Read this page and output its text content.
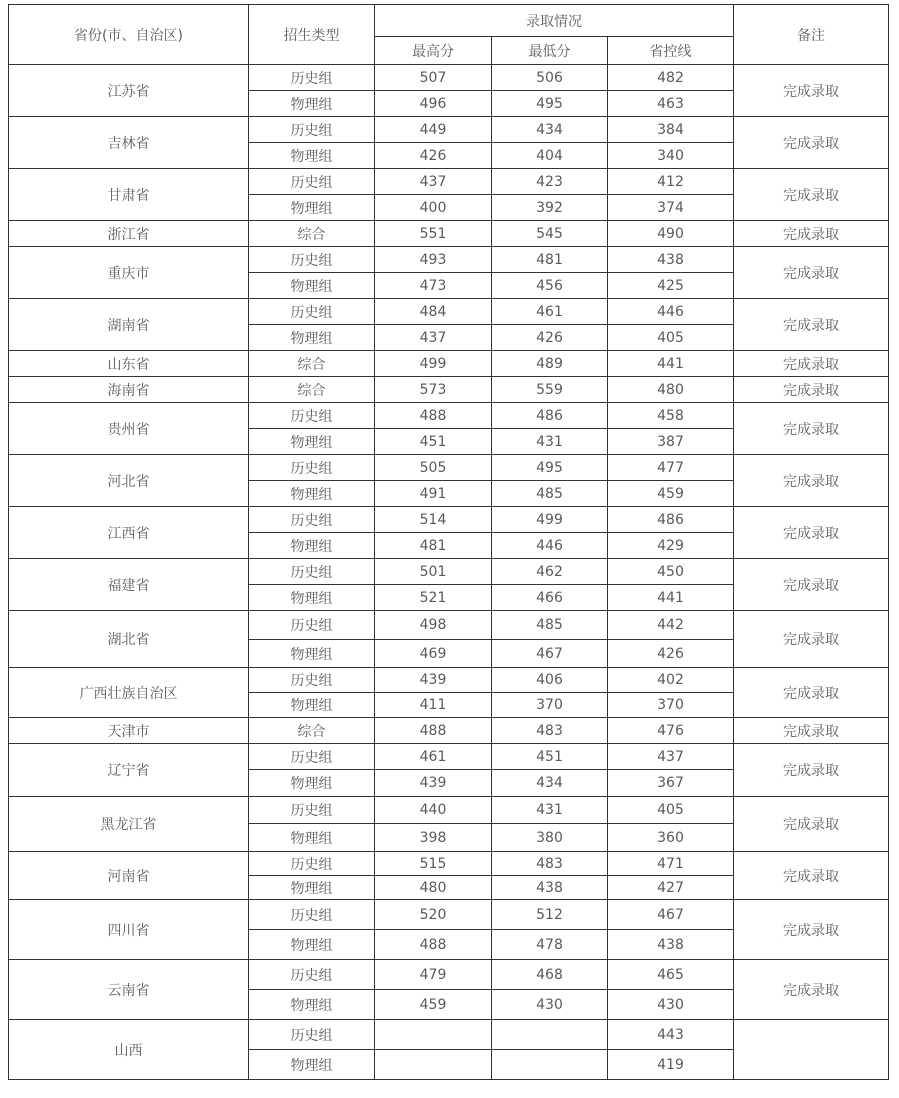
省份(市、自治区)	招生类型	录取情况			备注
		最高分	最低分	省控线	
江苏省	历史组	507	506	482	完成录取
	物理组	496	495	463	
吉林省	历史组	449	434	384	完成录取
	物理组	426	404	340	
甘肃省	历史组	437	423	412	完成录取
	物理组	400	392	374	
浙江省	综合	551	545	490	完成录取
重庆市	历史组	493	481	438	完成录取
	物理组	473	456	425	
湖南省	历史组	484	461	446	完成录取
	物理组	437	426	405	
山东省	综合	499	489	441	完成录取
海南省	综合	573	559	480	完成录取
贵州省	历史组	488	486	458	完成录取
	物理组	451	431	387	
河北省	历史组	505	495	477	完成录取
	物理组	491	485	459	
江西省	历史组	514	499	486	完成录取
	物理组	481	446	429	
福建省	历史组	501	462	450	完成录取
	物理组	521	466	441	
湖北省	历史组	498	485	442	完成录取
	物理组	469	467	426	
广西壮族自治区	历史组	439	406	402	完成录取
	物理组	411	370	370	
天津市	综合	488	483	476	完成录取
辽宁省	历史组	461	451	437	完成录取
	物理组	439	434	367	
黑龙江省	历史组	440	431	405	完成录取
	物理组	398	380	360	
河南省	历史组	515	483	471	完成录取
	物理组	480	438	427	
四川省	历史组	520	512	467	完成录取
	物理组	488	478	438	
云南省	历史组	479	468	465	完成录取
	物理组	459	430	430	
山西	历史组			443	
	物理组			419	
